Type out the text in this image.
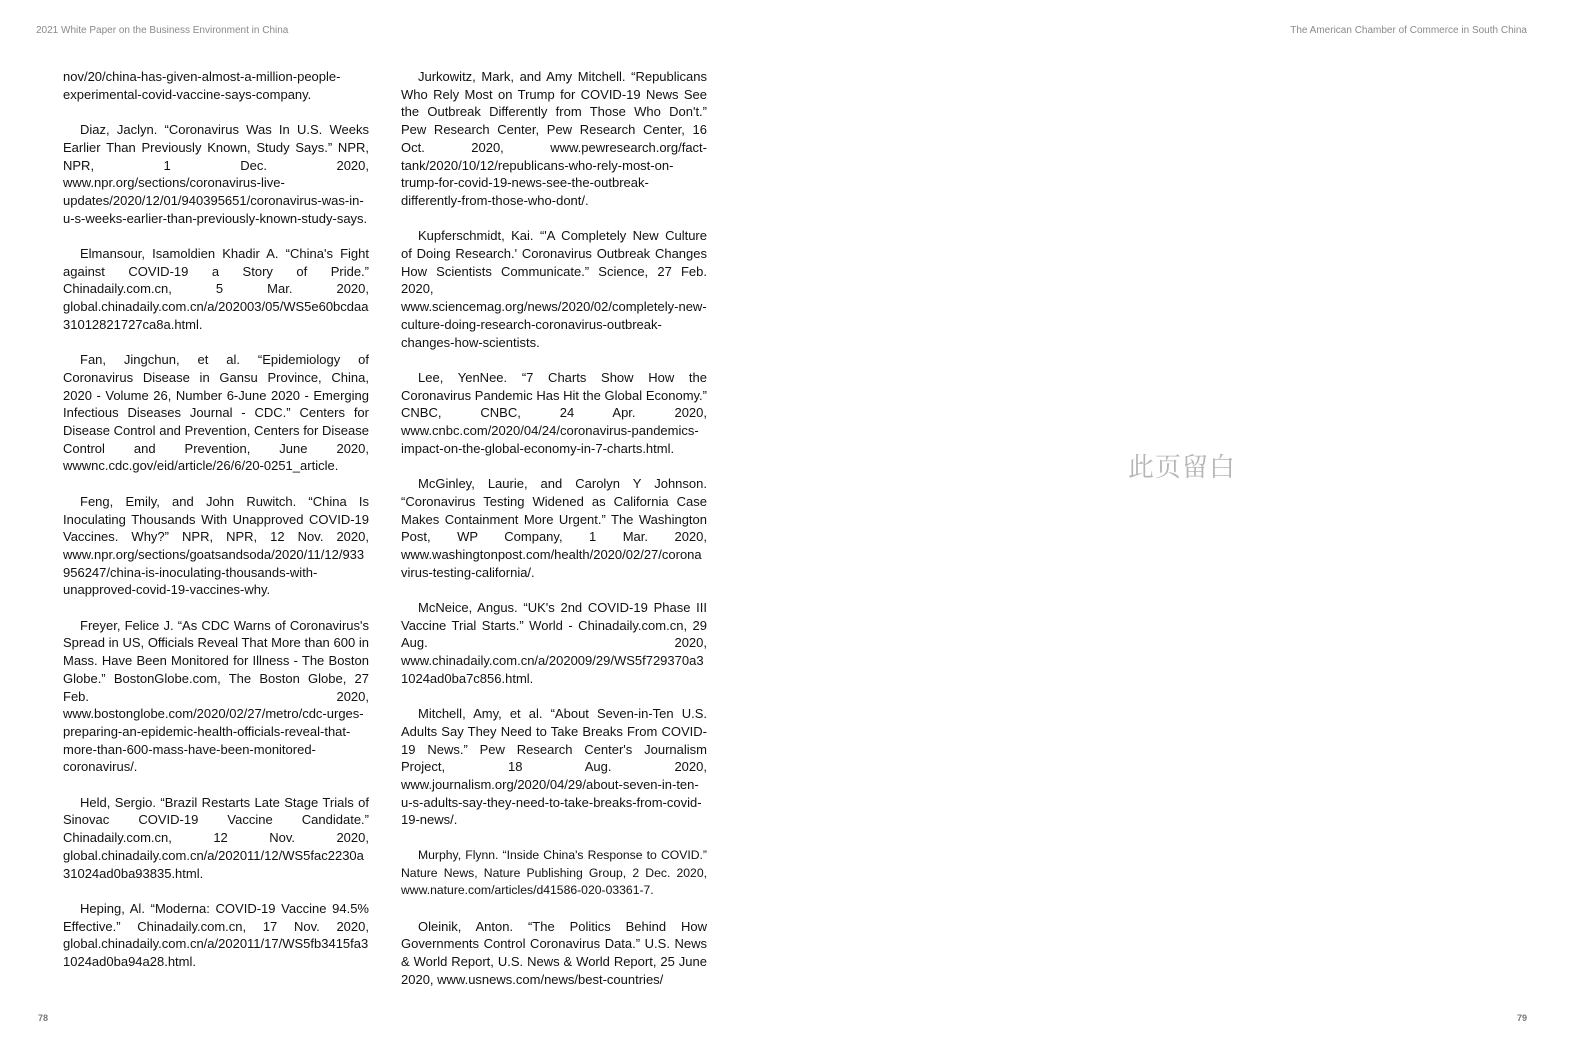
2021 White Paper on the Business Environment in China	The American Chamber of Commerce in South China

nov/20/china-has-given-almost-a-million-people-experimental-covid-vaccine-says-company.

Diaz, Jaclyn. “Coronavirus Was In U.S. Weeks Earlier Than Previously Known, Study Says.” NPR, NPR, 1 Dec. 2020, www.npr.org/sections/coronavirus-live-updates/2020/12/01/940395651/coronavirus-was-in-u-s-weeks-earlier-than-previously-known-study-says.

Elmansour, Isamoldien Khadir A. “China's Fight against COVID-19 a Story of Pride.” Chinadaily.com.cn, 5 Mar. 2020, global.chinadaily.com.cn/a/202003/05/WS5e60bcdaa31012821727ca8a.html.

Fan, Jingchun, et al. “Epidemiology of Coronavirus Disease in Gansu Province, China, 2020 - Volume 26, Number 6-June 2020 - Emerging Infectious Diseases Journal - CDC.” Centers for Disease Control and Prevention, Centers for Disease Control and Prevention, June 2020, wwwnc.cdc.gov/eid/article/26/6/20-0251_article.

Feng, Emily, and John Ruwitch. “China Is Inoculating Thousands With Unapproved COVID-19 Vaccines. Why?” NPR, NPR, 12 Nov. 2020, www.npr.org/sections/goatsandsoda/2020/11/12/933956247/china-is-inoculating-thousands-with-unapproved-covid-19-vaccines-why.

Freyer, Felice J. “As CDC Warns of Coronavirus's Spread in US, Officials Reveal That More than 600 in Mass. Have Been Monitored for Illness - The Boston Globe.” BostonGlobe.com, The Boston Globe, 27 Feb. 2020, www.bostonglobe.com/2020/02/27/metro/cdc-urges-preparing-an-epidemic-health-officials-reveal-that-more-than-600-mass-have-been-monitored-coronavirus/.

Held, Sergio. “Brazil Restarts Late Stage Trials of Sinovac COVID-19 Vaccine Candidate.” Chinadaily.com.cn, 12 Nov. 2020, global.chinadaily.com.cn/a/202011/12/WS5fac2230a31024ad0ba93835.html.

Heping, Al. “Moderna: COVID-19 Vaccine 94.5% Effective.” Chinadaily.com.cn, 17 Nov. 2020, global.chinadaily.com.cn/a/202011/17/WS5fb3415fa31024ad0ba94a28.html.

Jurkowitz, Mark, and Amy Mitchell. “Republicans Who Rely Most on Trump for COVID-19 News See the Outbreak Differently from Those Who Don't.” Pew Research Center, Pew Research Center, 16 Oct. 2020, www.pewresearch.org/fact-tank/2020/10/12/republicans-who-rely-most-on-trump-for-covid-19-news-see-the-outbreak-differently-from-those-who-dont/.

Kupferschmidt, Kai. “'A Completely New Culture of Doing Research.' Coronavirus Outbreak Changes How Scientists Communicate.” Science, 27 Feb. 2020, www.sciencemag.org/news/2020/02/completely-new-culture-doing-research-coronavirus-outbreak-changes-how-scientists.

Lee, YenNee. “7 Charts Show How the Coronavirus Pandemic Has Hit the Global Economy.” CNBC, CNBC, 24 Apr. 2020, www.cnbc.com/2020/04/24/coronavirus-pandemics-impact-on-the-global-economy-in-7-charts.html.

McGinley, Laurie, and Carolyn Y Johnson. “Coronavirus Testing Widened as California Case Makes Containment More Urgent.” The Washington Post, WP Company, 1 Mar. 2020, www.washingtonpost.com/health/2020/02/27/coronavirus-testing-california/.

McNeice, Angus. “UK's 2nd COVID-19 Phase III Vaccine Trial Starts.” World - Chinadaily.com.cn, 29 Aug. 2020, www.chinadaily.com.cn/a/202009/29/WS5f729370a31024ad0ba7c856.html.

Mitchell, Amy, et al. “About Seven-in-Ten U.S. Adults Say They Need to Take Breaks From COVID-19 News.” Pew Research Center's Journalism Project, 18 Aug. 2020, www.journalism.org/2020/04/29/about-seven-in-ten-u-s-adults-say-they-need-to-take-breaks-from-covid-19-news/.

Murphy, Flynn. “Inside China's Response to COVID.” Nature News, Nature Publishing Group, 2 Dec. 2020, www.nature.com/articles/d41586-020-03361-7.

Oleinik, Anton. “The Politics Behind How Governments Control Coronavirus Data.” U.S. News & World Report, U.S. News & World Report, 25 June 2020, www.usnews.com/news/best-countries/

此页留白
78	79
